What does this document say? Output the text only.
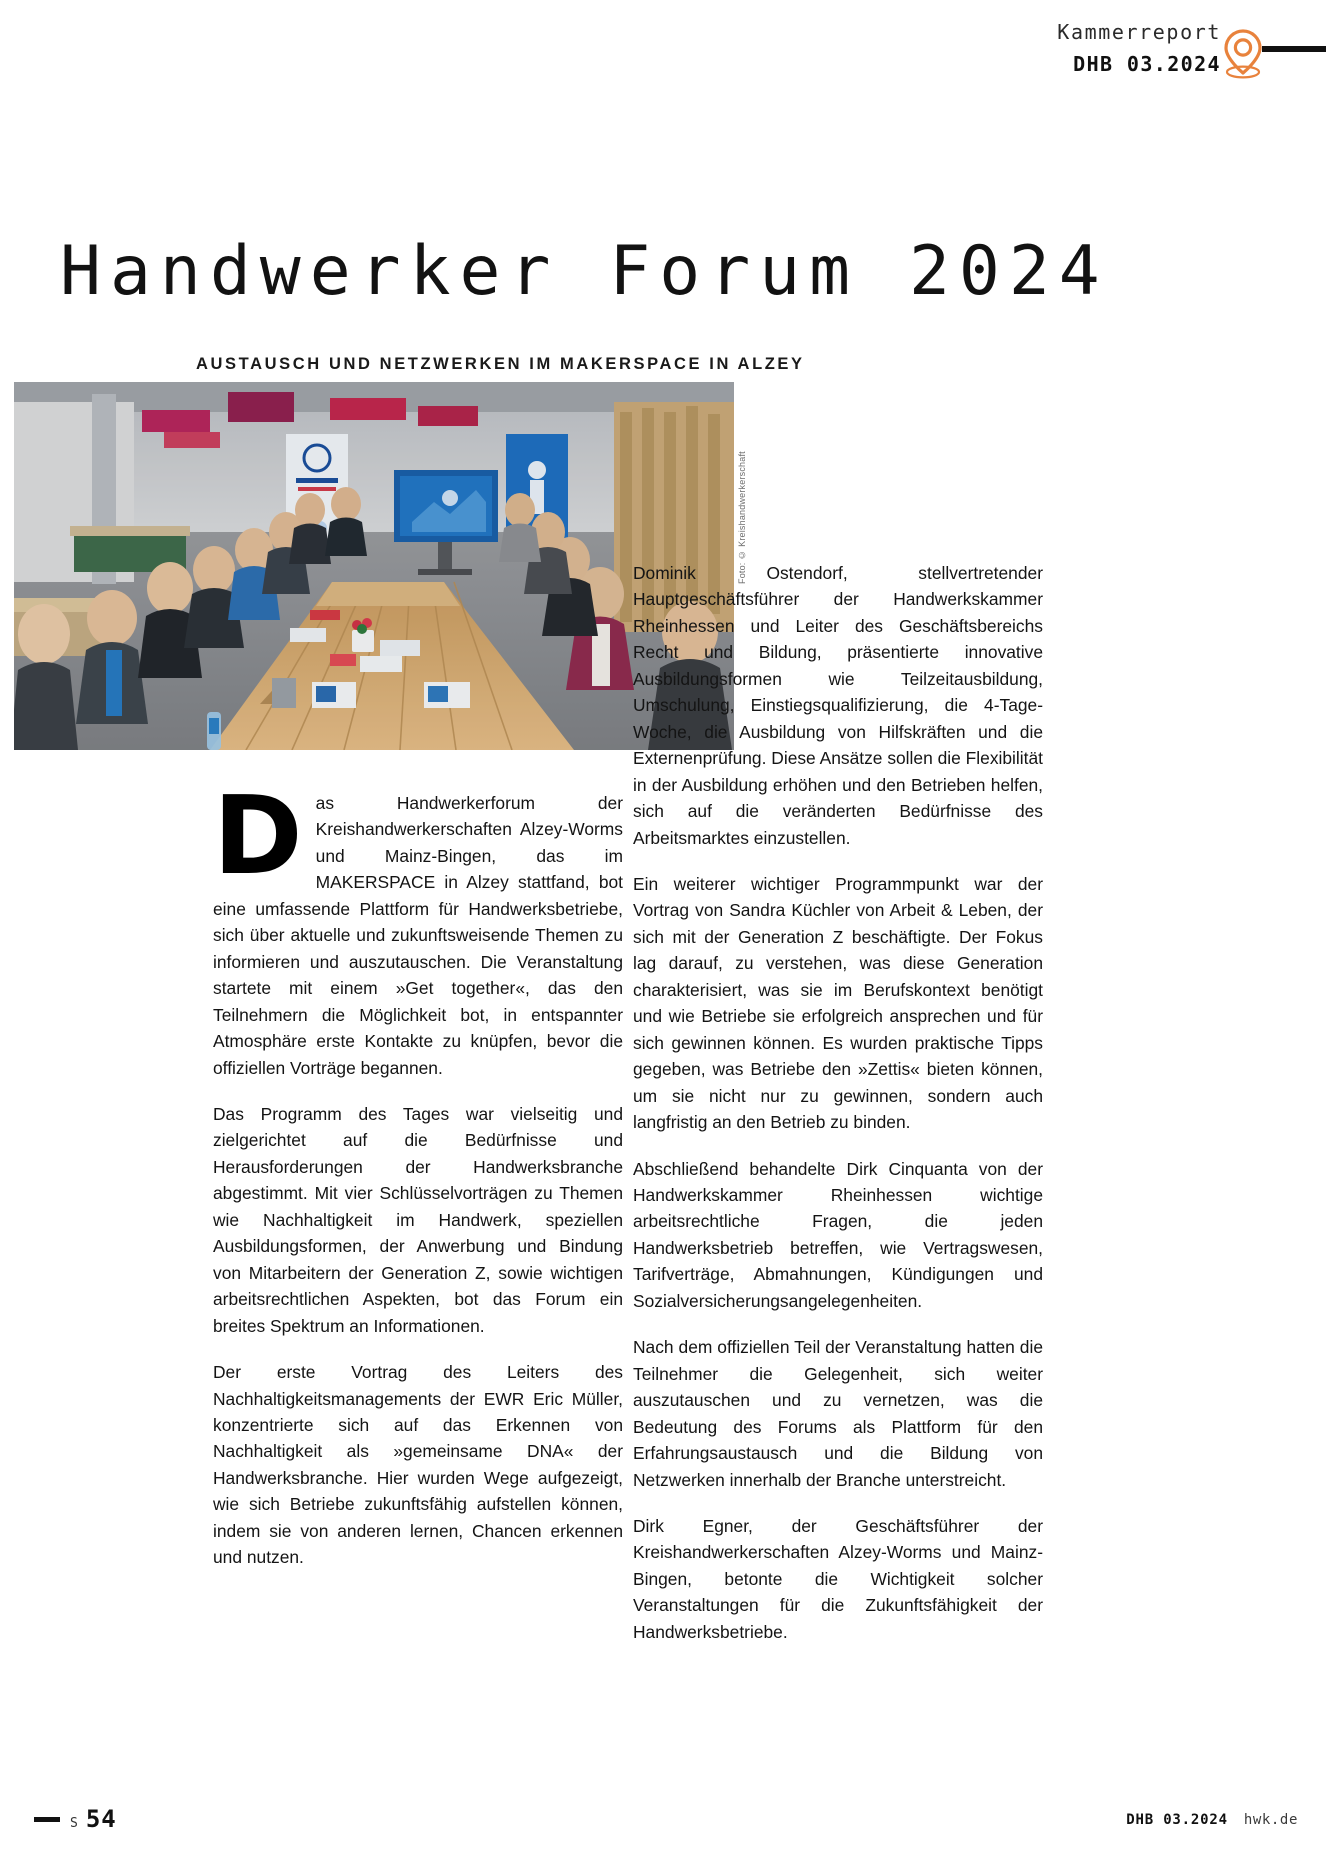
Kammerreport
DHB 03.2024
Handwerker Forum 2024
AUSTAUSCH UND NETZWERKEN IM MAKERSPACE IN ALZEY
Foto: © Kreishandwerkerschaft

Das Handwerkerforum der Kreishandwerkerschaften Alzey-Worms und Mainz-Bingen, das im MAKERSPACE in Alzey stattfand, bot eine umfassende Plattform für Handwerksbetriebe, sich über aktuelle und zukunftsweisende Themen zu informieren und auszutauschen. Die Veranstaltung startete mit einem »Get together«, das den Teilnehmern die Möglichkeit bot, in entspannter Atmosphäre erste Kontakte zu knüpfen, bevor die offiziellen Vorträge begannen.

Das Programm des Tages war vielseitig und zielgerichtet auf die Bedürfnisse und Herausforderungen der Handwerksbranche abgestimmt. Mit vier Schlüsselvorträgen zu Themen wie Nachhaltigkeit im Handwerk, speziellen Ausbildungsformen, der Anwerbung und Bindung von Mitarbeitern der Generation Z, sowie wichtigen arbeitsrechtlichen Aspekten, bot das Forum ein breites Spektrum an Informationen.

Der erste Vortrag des Leiters des Nachhaltigkeitsmanagements der EWR Eric Müller, konzentrierte sich auf das Erkennen von Nachhaltigkeit als »gemeinsame DNA« der Handwerksbranche. Hier wurden Wege aufgezeigt, wie sich Betriebe zukunftsfähig aufstellen können, indem sie von anderen lernen, Chancen erkennen und nutzen.

Dominik Ostendorf, stellvertretender Hauptgeschäftsführer der Handwerkskammer Rheinhessen und Leiter des Geschäftsbereichs Recht und Bildung, präsentierte innovative Ausbildungsformen wie Teilzeitausbildung, Umschulung, Einstiegsqualifizierung, die 4-Tage-Woche, die Ausbildung von Hilfskräften und die Externenprüfung. Diese Ansätze sollen die Flexibilität in der Ausbildung erhöhen und den Betrieben helfen, sich auf die veränderten Bedürfnisse des Arbeitsmarktes einzustellen.

Ein weiterer wichtiger Programmpunkt war der Vortrag von Sandra Küchler von Arbeit & Leben, der sich mit der Generation Z beschäftigte. Der Fokus lag darauf, zu verstehen, was diese Generation charakterisiert, was sie im Berufskontext benötigt und wie Betriebe sie erfolgreich ansprechen und für sich gewinnen können. Es wurden praktische Tipps gegeben, was Betriebe den »Zettis« bieten können, um sie nicht nur zu gewinnen, sondern auch langfristig an den Betrieb zu binden.

Abschließend behandelte Dirk Cinquanta von der Handwerkskammer Rheinhessen wichtige arbeitsrechtliche Fragen, die jeden Handwerksbetrieb betreffen, wie Vertragswesen, Tarifverträge, Abmahnungen, Kündigungen und Sozialversicherungsangelegenheiten.

Nach dem offiziellen Teil der Veranstaltung hatten die Teilnehmer die Gelegenheit, sich weiter auszutauschen und zu vernetzen, was die Bedeutung des Forums als Plattform für den Erfahrungsaustausch und die Bildung von Netzwerken innerhalb der Branche unterstreicht.

Dirk Egner, der Geschäftsführer der Kreishandwerkerschaften Alzey-Worms und Mainz-Bingen, betonte die Wichtigkeit solcher Veranstaltungen für die Zukunftsfähigkeit der Handwerksbetriebe.

S 54	DHB 03.2024 hwk.de
